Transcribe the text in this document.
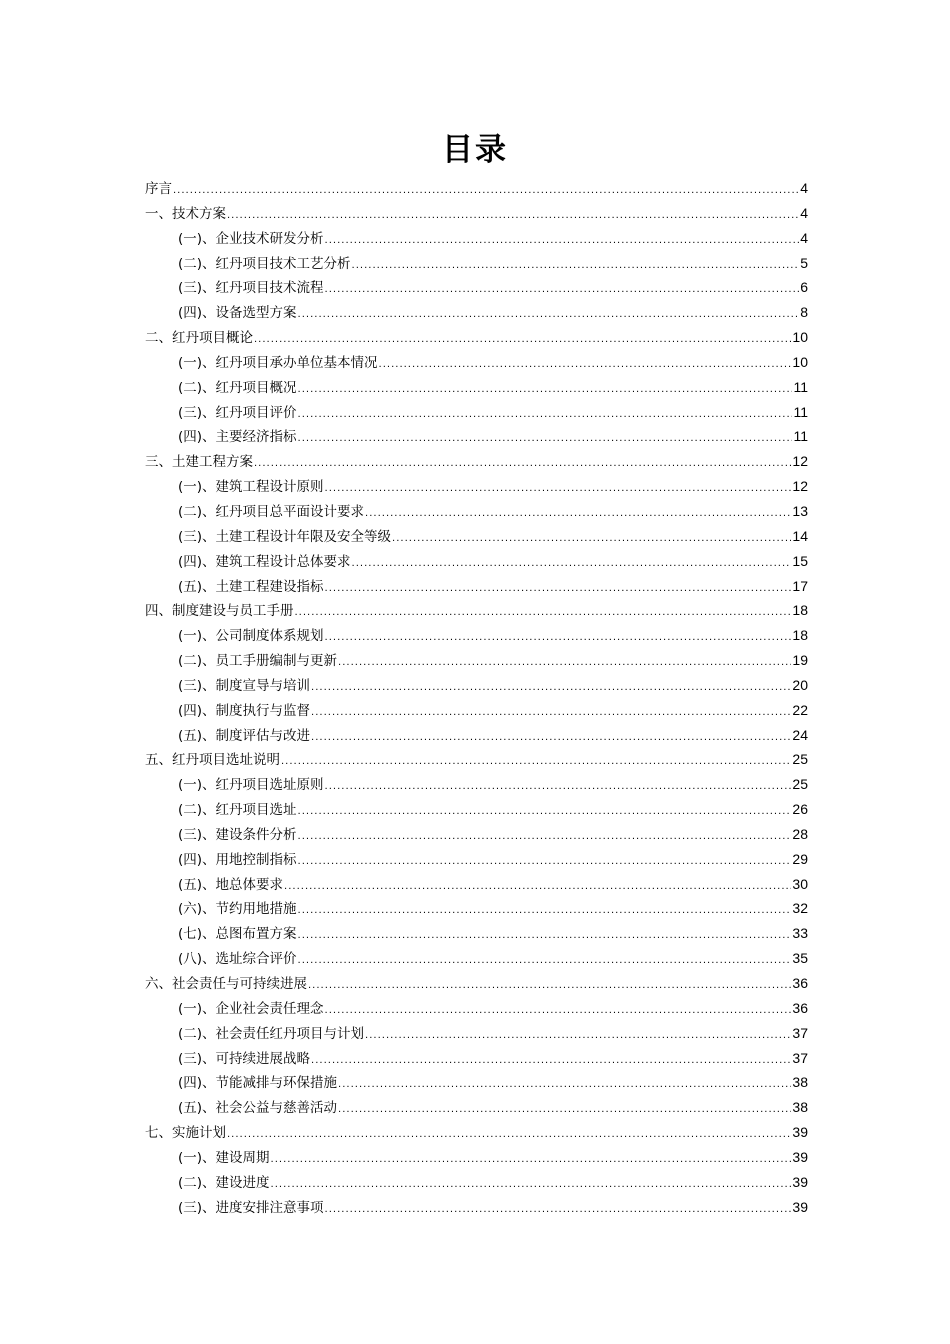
目录
序言 .....	4
一、技术方案 .....	4
(一)、企业技术研发分析 .....	4
(二)、红丹项目技术工艺分析 .....	5
(三)、红丹项目技术流程 .....	6
(四)、设备选型方案 .....	8
二、红丹项目概论 .....	10
(一)、红丹项目承办单位基本情况 .....	10
(二)、红丹项目概况 .....	11
(三)、红丹项目评价 .....	11
(四)、主要经济指标 .....	11
三、土建工程方案 .....	12
(一)、建筑工程设计原则 .....	12
(二)、红丹项目总平面设计要求 .....	13
(三)、土建工程设计年限及安全等级 .....	14
(四)、建筑工程设计总体要求 .....	15
(五)、土建工程建设指标 .....	17
四、制度建设与员工手册 .....	18
(一)、公司制度体系规划 .....	18
(二)、员工手册编制与更新 .....	19
(三)、制度宣导与培训 .....	20
(四)、制度执行与监督 .....	22
(五)、制度评估与改进 .....	24
五、红丹项目选址说明 .....	25
(一)、红丹项目选址原则 .....	25
(二)、红丹项目选址 .....	26
(三)、建设条件分析 .....	28
(四)、用地控制指标 .....	29
(五)、地总体要求 .....	30
(六)、节约用地措施 .....	32
(七)、总图布置方案 .....	33
(八)、选址综合评价 .....	35
六、社会责任与可持续进展 .....	36
(一)、企业社会责任理念 .....	36
(二)、社会责任红丹项目与计划 .....	37
(三)、可持续进展战略 .....	37
(四)、节能减排与环保措施 .....	38
(五)、社会公益与慈善活动 .....	38
七、实施计划 .....	39
(一)、建设周期 .....	39
(二)、建设进度 .....	39
(三)、进度安排注意事项 .....	39
